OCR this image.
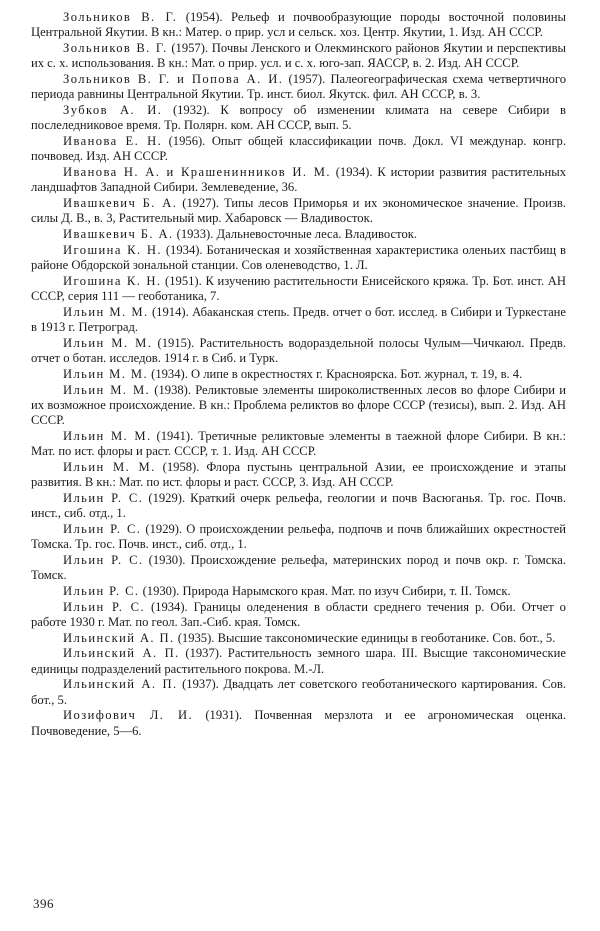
Зольников В. Г. (1954). Рельеф и почвообразующие породы восточной половины Центральной Якутии. В кн.: Матер. о прир. усл и сельск. хоз. Центр. Якутии, 1. Изд. АН СССР.

Зольников В. Г. (1957). Почвы Ленского и Олекминского районов Якутии и перспективы их с. х. использования. В кн.: Мат. о прир. усл. и с. х. юго-зап. ЯАССР, в. 2. Изд. АН СССР.

Зольников В. Г. и Попова А. И. (1957). Палеогеографическая схема четвертичного периода равнины Центральной Якутии. Тр. инст. биол. Якутск. фил. АН СССР, в. 3.

Зубков А. И. (1932). К вопросу об изменении климата на севере Сибири в послеледниковое время. Тр. Полярн. ком. АН СССР, вып. 5.

Иванова Е. Н. (1956). Опыт общей классификации почв. Докл. VI междунар. конгр. почвовед. Изд. АН СССР.

Иванова Н. А. и Крашенинников И. М. (1934). К истории развития растительных ландшафтов Западной Сибири. Землеведение, 36.

Ивашкевич Б. А. (1927). Типы лесов Приморья и их экономическое значение. Произв. силы Д. В., в. 3, Растительный мир. Хабаровск — Владивосток.

Ивашкевич Б. А. (1933). Дальневосточные леса. Владивосток.

Игошина К. Н. (1934). Ботаническая и хозяйственная характеристика оленьих пастбищ в районе Обдорской зональной станции. Сов оленеводство, 1. Л.

Игошина К. Н. (1951). К изучению растительности Енисейского кряжа. Тр. Бот. инст. АН СССР, серия 111 — геоботаника, 7.

Ильин М. М. (1914). Абаканская степь. Предв. отчет о бот. исслед. в Сибири и Туркестане в 1913 г. Петроград.

Ильин М. М. (1915). Растительность водораздельной полосы Чулым—Чичкаюл. Предв. отчет о ботан. исследов. 1914 г. в Сиб. и Турк.

Ильин М. М. (1934). О липе в окрестностях г. Красноярска. Бот. журнал, т. 19, в. 4.

Ильин М. М. (1938). Реликтовые элементы широколиственных лесов во флоре Сибири и их возможное происхождение. В кн.: Проблема реликтов во флоре СССР (тезисы), вып. 2. Изд. АН СССР.

Ильин М. М. (1941). Третичные реликтовые элементы в таежной флоре Сибири. В кн.: Мат. по ист. флоры и раст. СССР, т. 1. Изд. АН СССР.

Ильин М. М. (1958). Флора пустынь центральной Азии, ее происхождение и этапы развития. В кн.: Мат. по ист. флоры и раст. СССР, 3. Изд. АН СССР.

Ильин Р. С. (1929). Краткий очерк рельефа, геологии и почв Васюганья. Тр. гос. Почв. инст., сиб. отд., 1.

Ильин Р. С. (1929). О происхождении рельефа, подпочв и почв ближайших окрестностей Томска. Тр. гос. Почв. инст., сиб. отд., 1.

Ильин Р. С. (1930). Происхождение рельефа, материнских пород и почв окр. г. Томска. Томск.

Ильин Р. С. (1930). Природа Нарымского края. Мат. по изуч Сибири, т. II. Томск.

Ильин Р. С. (1934). Границы оледенения в области среднего течения р. Оби. Отчет о работе 1930 г. Мат. по геол. Зап.-Сиб. края. Томск.

Ильинский А. П. (1935). Высшие таксономические единицы в геоботанике. Сов. бот., 5.

Ильинский А. П. (1937). Растительность земного шара. III. Высщие таксономические единицы подразделений растительного покрова. М.-Л.

Ильинский А. П. (1937). Двадцать лет советского геоботанического картирования. Сов. бот., 5.

Иозифович Л. И. (1931). Почвенная мерзлота и ее агрономическая оценка. Почвоведение, 5—6.

396
